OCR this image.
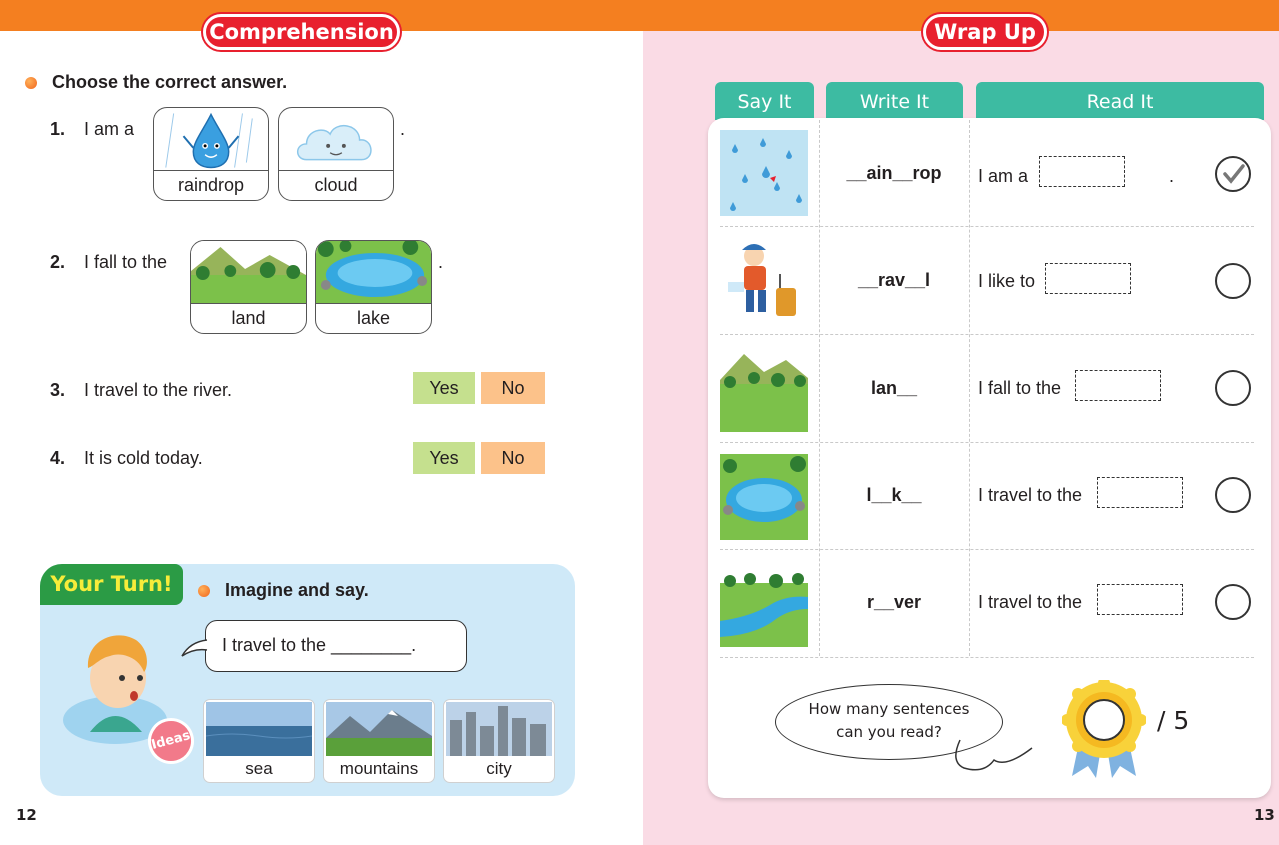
Comprehension
Choose the correct answer.
1. I am a
raindrop	cloud
.
2. I fall to the
land	lake
.
3. I travel to the river.	Yes	No
4. It is cold today.	Yes	No
Your Turn!	Imagine and say.
I travel to the ________.
Ideas
sea	mountains	city
12
Wrap Up
Say It	Write It	Read It
__ain__rop	I am a	.
__rav__l	I like to
lan__	I fall to the
l__k__	I travel to the
r__ver	I travel to the
How many sentences
can you read?	/ 5
13
